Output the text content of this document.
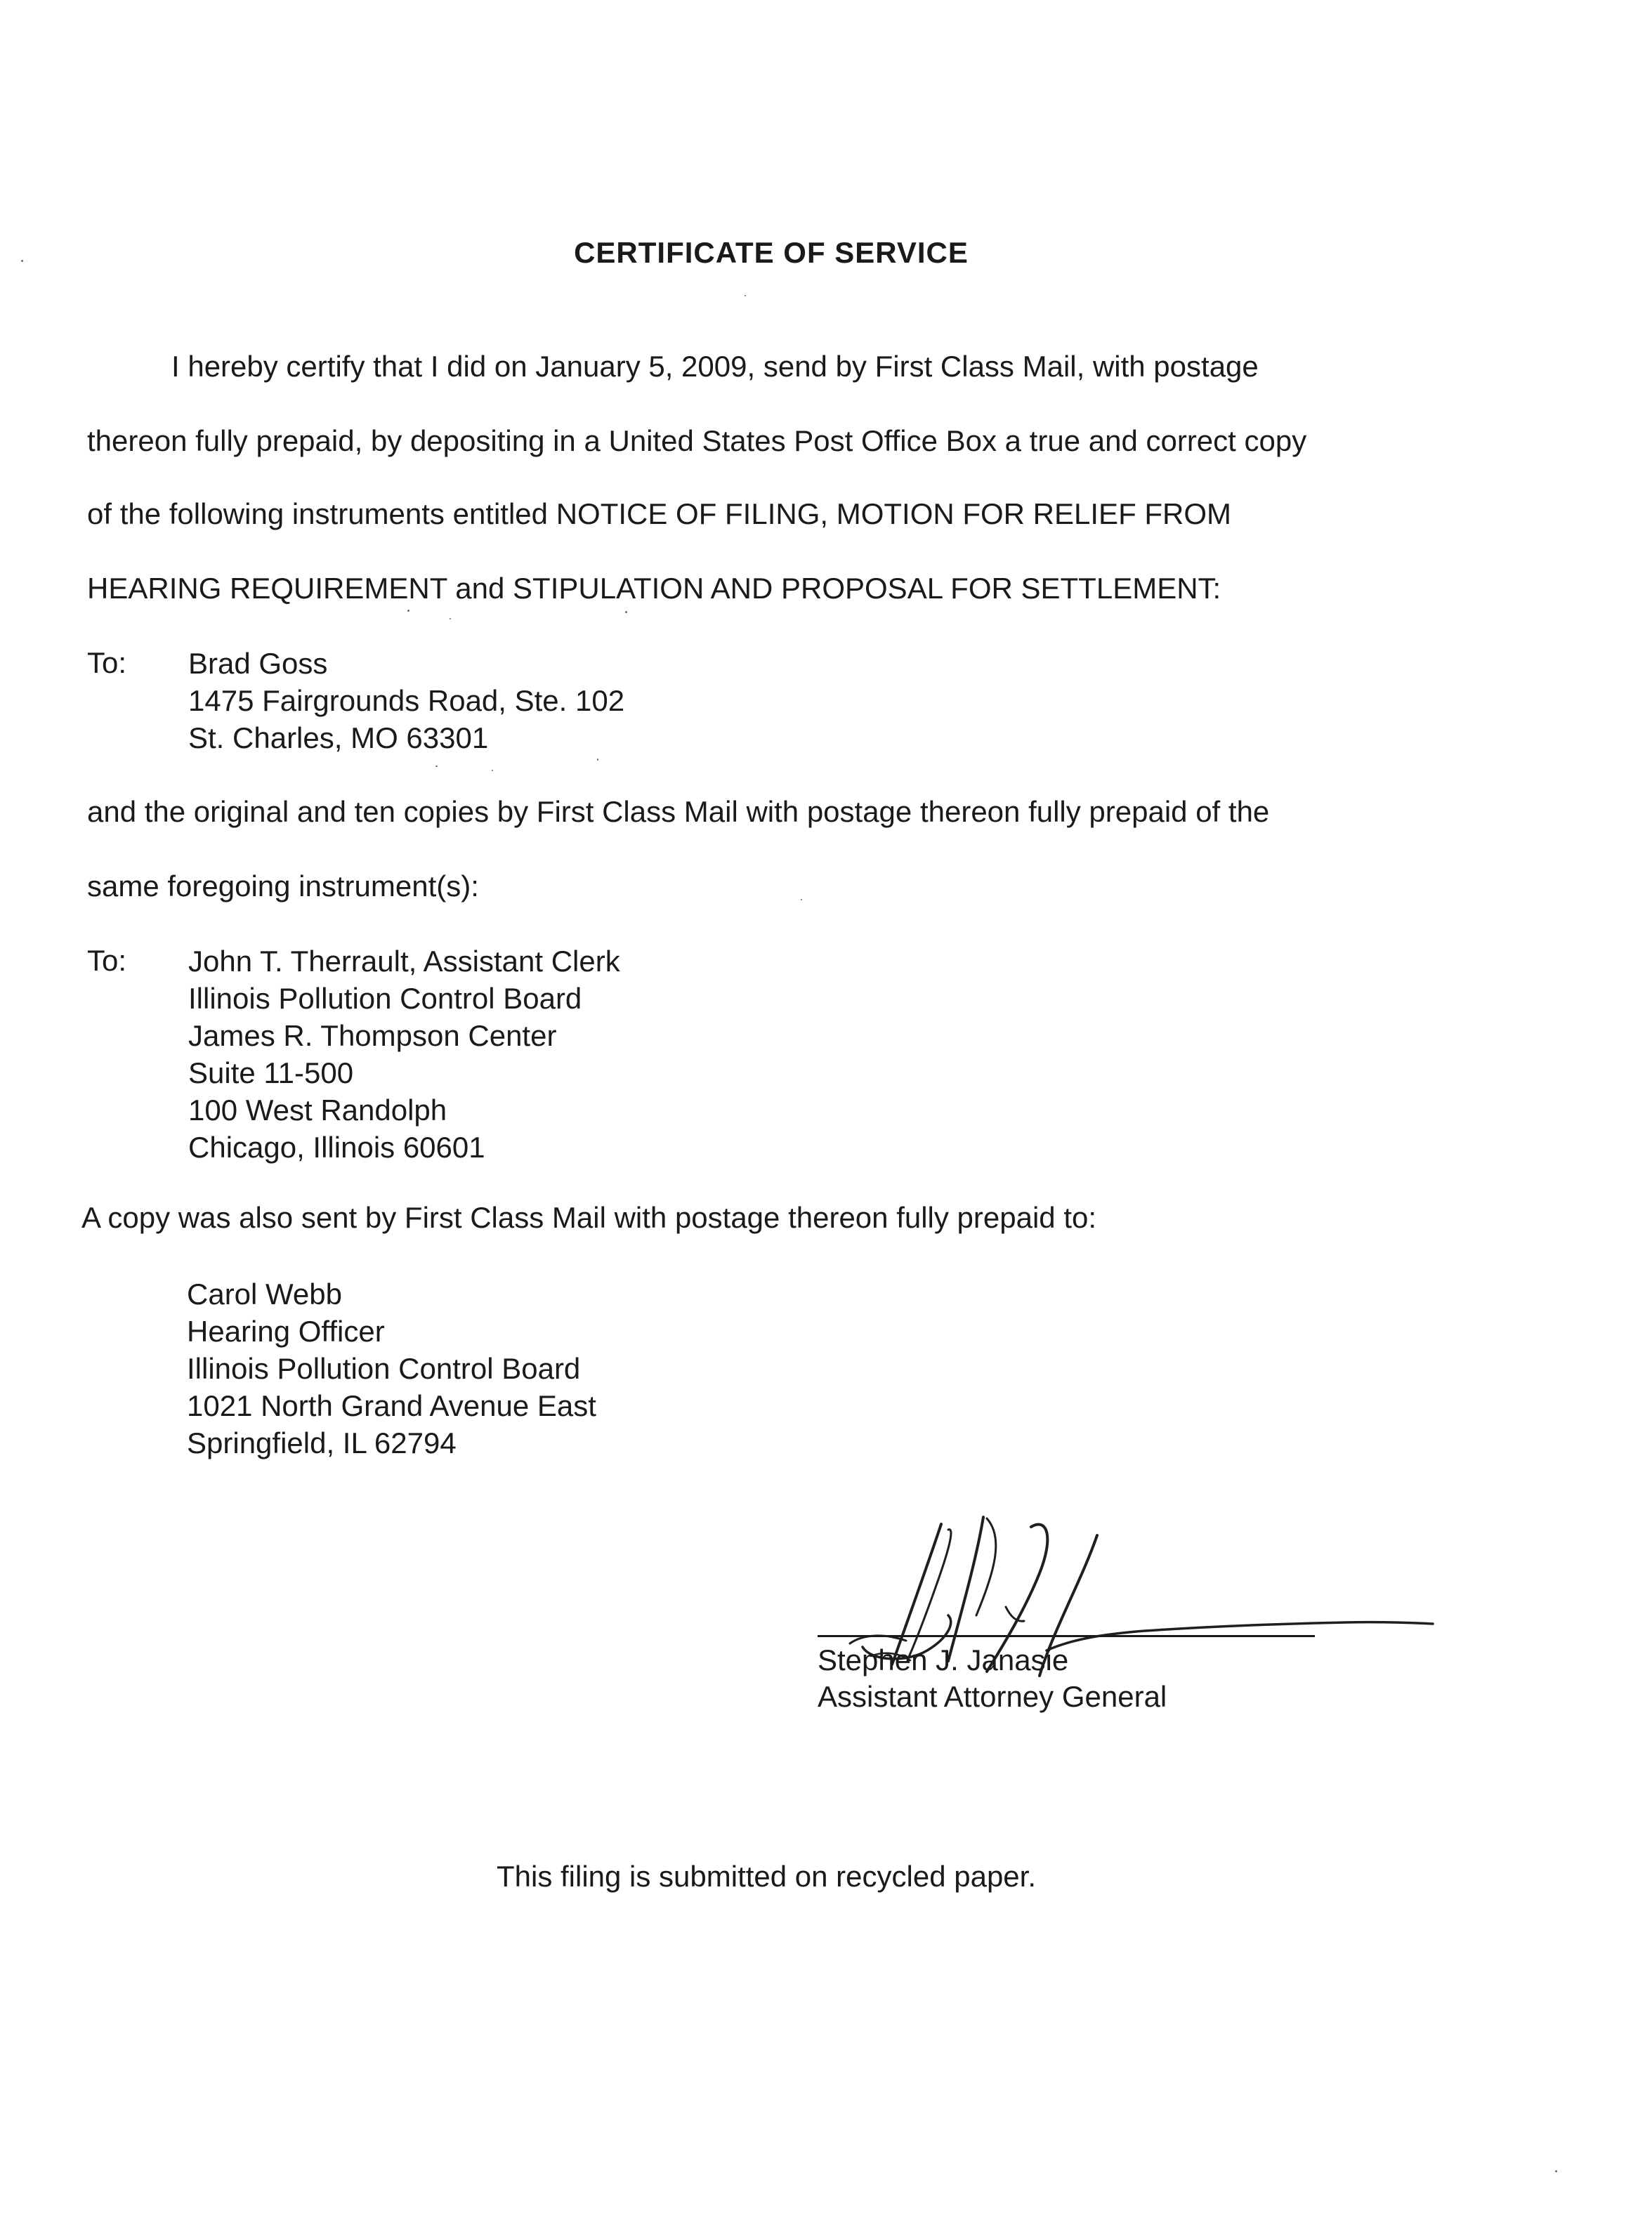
CERTIFICATE OF SERVICE
I hereby certify that I did on January 5, 2009, send by First Class Mail, with postage
thereon fully prepaid, by depositing in a United States Post Office Box a true and correct copy
of the following instruments entitled NOTICE OF FILING, MOTION FOR RELIEF FROM
HEARING REQUIREMENT and STIPULATION AND PROPOSAL FOR SETTLEMENT:
To: Brad Goss
1475 Fairgrounds Road, Ste. 102
St. Charles, MO 63301
and the original and ten copies by First Class Mail with postage thereon fully prepaid of the
same foregoing instrument(s):
To: John T. Therrault, Assistant Clerk
Illinois Pollution Control Board
James R. Thompson Center
Suite 11-500
100 West Randolph
Chicago, Illinois 60601
A copy was also sent by First Class Mail with postage thereon fully prepaid to:
Carol Webb
Hearing Officer
Illinois Pollution Control Board
1021 North Grand Avenue East
Springfield, IL 62794
Stephen J. Janasie
Assistant Attorney General
This filing is submitted on recycled paper.
